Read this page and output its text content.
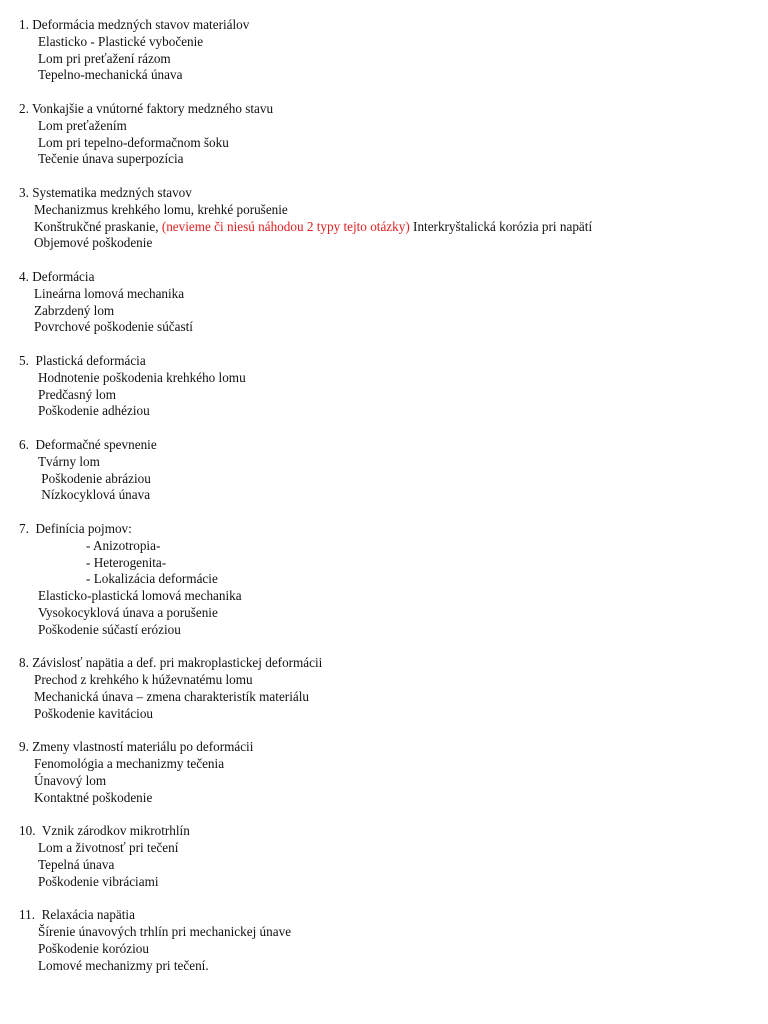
1. Deformácia medzných stavov materiálov
Elasticko - Plastické vybočenie
Lom pri preťažení rázom
Tepelno-mechanická únava
2. Vonkajšie a vnútorné faktory medzného stavu
Lom preťažením
Lom pri tepelno-deformačnom šoku
Tečenie únava superpozícia
3. Systematika medzných stavov
Mechanizmus krehkého lomu, krehké porušenie
Konštrukčné praskanie, (nevieme či niesú náhodou 2 typy tejto otázky) Interkryštalická korózia pri napätí
Objemové poškodenie
4. Deformácia
Lineárna lomová mechanika
Zabrzdený lom
Povrchové poškodenie súčastí
5.  Plastická deformácia
Hodnotenie poškodenia krehkého lomu
Predčasný lom
Poškodenie adhéziou
6.  Deformačné spevnenie
Tvárny lom
Poškodenie abráziou
Nízkocyklová únava
7.  Definícia pojmov:
- Anizotropia-
- Heterogenita-
- Lokalizácia deformácie
Elasticko-plastická lomová mechanika
Vysokocyklová únava a porušenie
Poškodenie súčastí eróziou
8. Závislosť napätia a def. pri makroplastickej deformácii
Prechod z krehkého k húževnatému lomu
Mechanická únava – zmena charakteristík materiálu
Poškodenie kavitáciou
9. Zmeny vlastností materiálu po deformácii
Fenomológia a mechanizmy tečenia
Únavový lom
Kontaktné poškodenie
10.  Vznik zárodkov mikrotrhlín
Lom a životnosť pri tečení
Tepelná únava
Poškodenie vibráciami
11.  Relaxácia napätia
Šírenie únavových trhlín pri mechanickej únave
Poškodenie koróziou
Lomové mechanizmy pri tečení.
